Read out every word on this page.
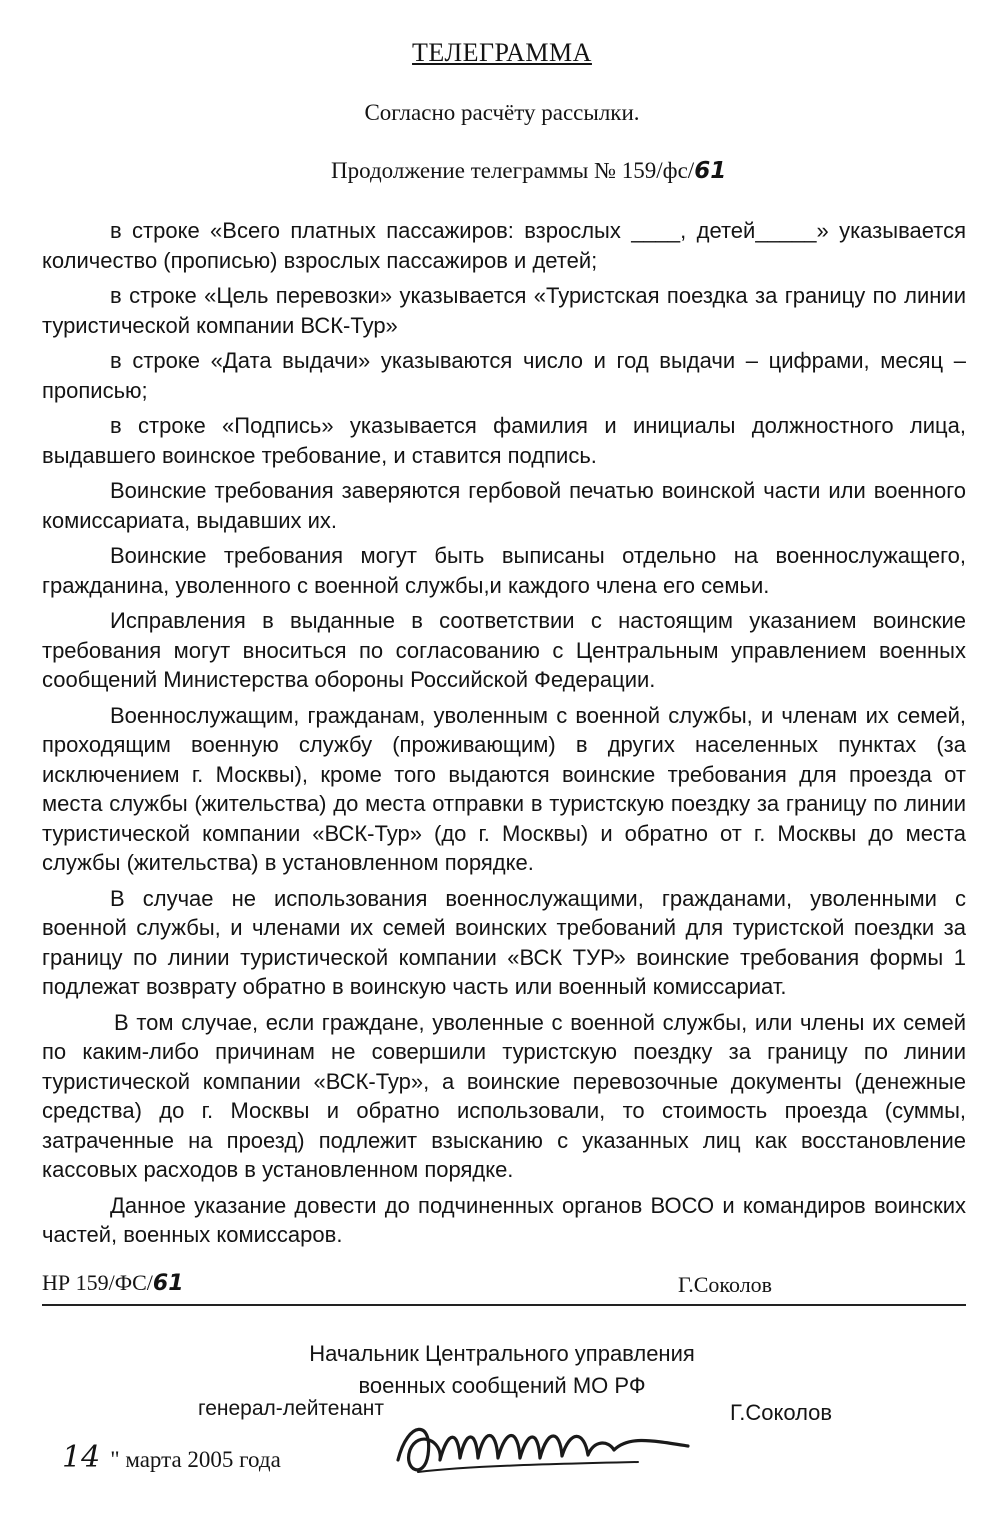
ТЕЛЕГРАММА
Согласно расчёту рассылки.
Продолжение телеграммы № 159/фс/61

в строке «Всего платных пассажиров: взрослых ____, детей_____» указывается количество (прописью) взрослых пассажиров и детей;

в строке «Цель перевозки» указывается «Туристская поездка за границу по линии туристической компании ВСК-Тур»

в строке «Дата выдачи» указываются число и год выдачи – цифрами, месяц – прописью;

в строке «Подпись» указывается фамилия и инициалы должностного лица, выдавшего воинское требование, и ставится подпись.

Воинские требования заверяются гербовой печатью воинской части или военного комиссариата, выдавших их.

Воинские требования могут быть выписаны отдельно на военнослужащего, гражданина, уволенного с военной службы,и каждого члена его семьи.

Исправления в выданные в соответствии с настоящим указанием воинские требования могут вноситься по согласованию с Центральным управлением военных сообщений Министерства обороны Российской Федерации.

Военнослужащим, гражданам, уволенным с военной службы, и членам их семей, проходящим военную службу (проживающим) в других населенных пунктах (за исключением г. Москвы), кроме того выдаются воинские требования для проезда от места службы (жительства) до места отправки в туристскую поездку за границу по линии туристической компании «ВСК-Тур» (до г. Москвы) и обратно от г. Москвы до места службы (жительства) в установленном порядке.

В случае не использования военнослужащими, гражданами, уволенными с военной службы, и членами их семей воинских требований для туристской поездки за границу по линии туристической компании «ВСК ТУР» воинские требования формы 1 подлежат возврату обратно в воинскую часть или военный комиссариат.

В том случае, если граждане, уволенные с военной службы, или члены их семей по каким-либо причинам не совершили туристскую поездку за границу по линии туристической компании «ВСК-Тур», а воинские перевозочные документы (денежные средства) до г. Москвы и обратно использовали, то стоимость проезда (суммы, затраченные на проезд) подлежит взысканию с указанных лиц как восстановление кассовых расходов в установленном порядке.

Данное указание довести до подчиненных органов ВОСО и командиров воинских частей, военных комиссаров.

НР 159/ФС/61	Г.Соколов
Начальник Центрального управления
военных сообщений МО РФ
генерал-лейтенант	Г.Соколов
14 " марта 2005 года
